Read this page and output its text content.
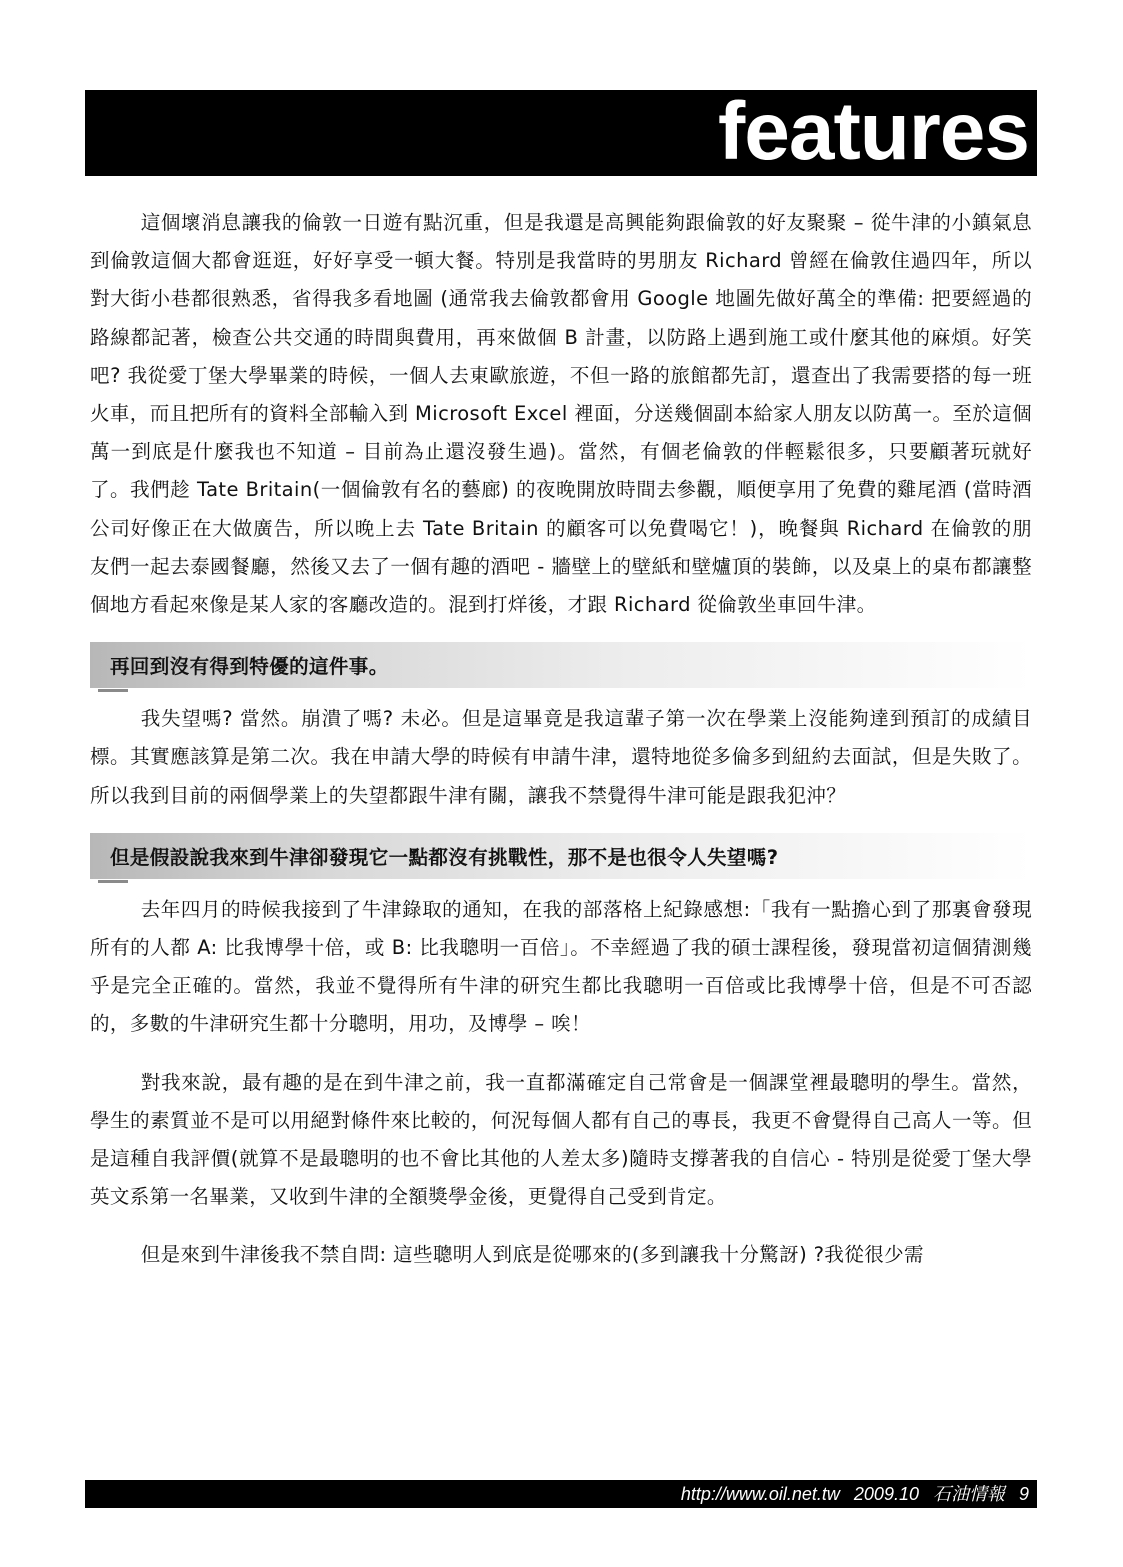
features

這個壞消息讓我的倫敦一日遊有點沉重，但是我還是高興能夠跟倫敦的好友聚聚 – 從牛津的小鎮氣息到倫敦這個大都會逛逛，好好享受一頓大餐。特別是我當時的男朋友 Richard 曾經在倫敦住過四年，所以對大街小巷都很熟悉，省得我多看地圖 (通常我去倫敦都會用 Google 地圖先做好萬全的準備: 把要經過的路線都記著，檢查公共交通的時間與費用，再來做個 B 計畫，以防路上遇到施工或什麼其他的麻煩。好笑吧? 我從愛丁堡大學畢業的時候，一個人去東歐旅遊，不但一路的旅館都先訂，還查出了我需要搭的每一班火車，而且把所有的資料全部輸入到 Microsoft Excel 裡面，分送幾個副本給家人朋友以防萬一。至於這個萬一到底是什麼我也不知道 – 目前為止還沒發生過)。當然，有個老倫敦的伴輕鬆很多，只要顧著玩就好了。我們趁 Tate Britain(一個倫敦有名的藝廊) 的夜晚開放時間去參觀，順便享用了免費的雞尾酒 (當時酒公司好像正在大做廣告，所以晚上去 Tate Britain 的顧客可以免費喝它！)，晚餐與 Richard 在倫敦的朋友們一起去泰國餐廳，然後又去了一個有趣的酒吧 - 牆壁上的壁紙和壁爐頂的裝飾，以及桌上的桌布都讓整個地方看起來像是某人家的客廳改造的。混到打烊後，才跟 Richard 從倫敦坐車回牛津。

再回到沒有得到特優的這件事。

我失望嗎? 當然。崩潰了嗎? 未必。但是這畢竟是我這輩子第一次在學業上沒能夠達到預訂的成績目標。其實應該算是第二次。我在申請大學的時候有申請牛津，還特地從多倫多到紐約去面試，但是失敗了。所以我到目前的兩個學業上的失望都跟牛津有關，讓我不禁覺得牛津可能是跟我犯沖？

但是假設說我來到牛津卻發現它一點都沒有挑戰性，那不是也很令人失望嗎?

去年四月的時候我接到了牛津錄取的通知，在我的部落格上紀錄感想:「我有一點擔心到了那裏會發現所有的人都 A: 比我博學十倍，或 B: 比我聰明一百倍」。不幸經過了我的碩士課程後，發現當初這個猜測幾乎是完全正確的。當然，我並不覺得所有牛津的研究生都比我聰明一百倍或比我博學十倍，但是不可否認的，多數的牛津研究生都十分聰明，用功，及博學 – 唉！

對我來說，最有趣的是在到牛津之前，我一直都滿確定自己常會是一個課堂裡最聰明的學生。當然，學生的素質並不是可以用絕對條件來比較的，何況每個人都有自己的專長，我更不會覺得自己高人一等。但是這種自我評價(就算不是最聰明的也不會比其他的人差太多)隨時支撐著我的自信心 - 特別是從愛丁堡大學英文系第一名畢業，又收到牛津的全額獎學金後，更覺得自己受到肯定。

但是來到牛津後我不禁自問: 這些聰明人到底是從哪來的(多到讓我十分驚訝) ?我從很少需

http://www.oil.net.tw 2009.10 石油情報 9
